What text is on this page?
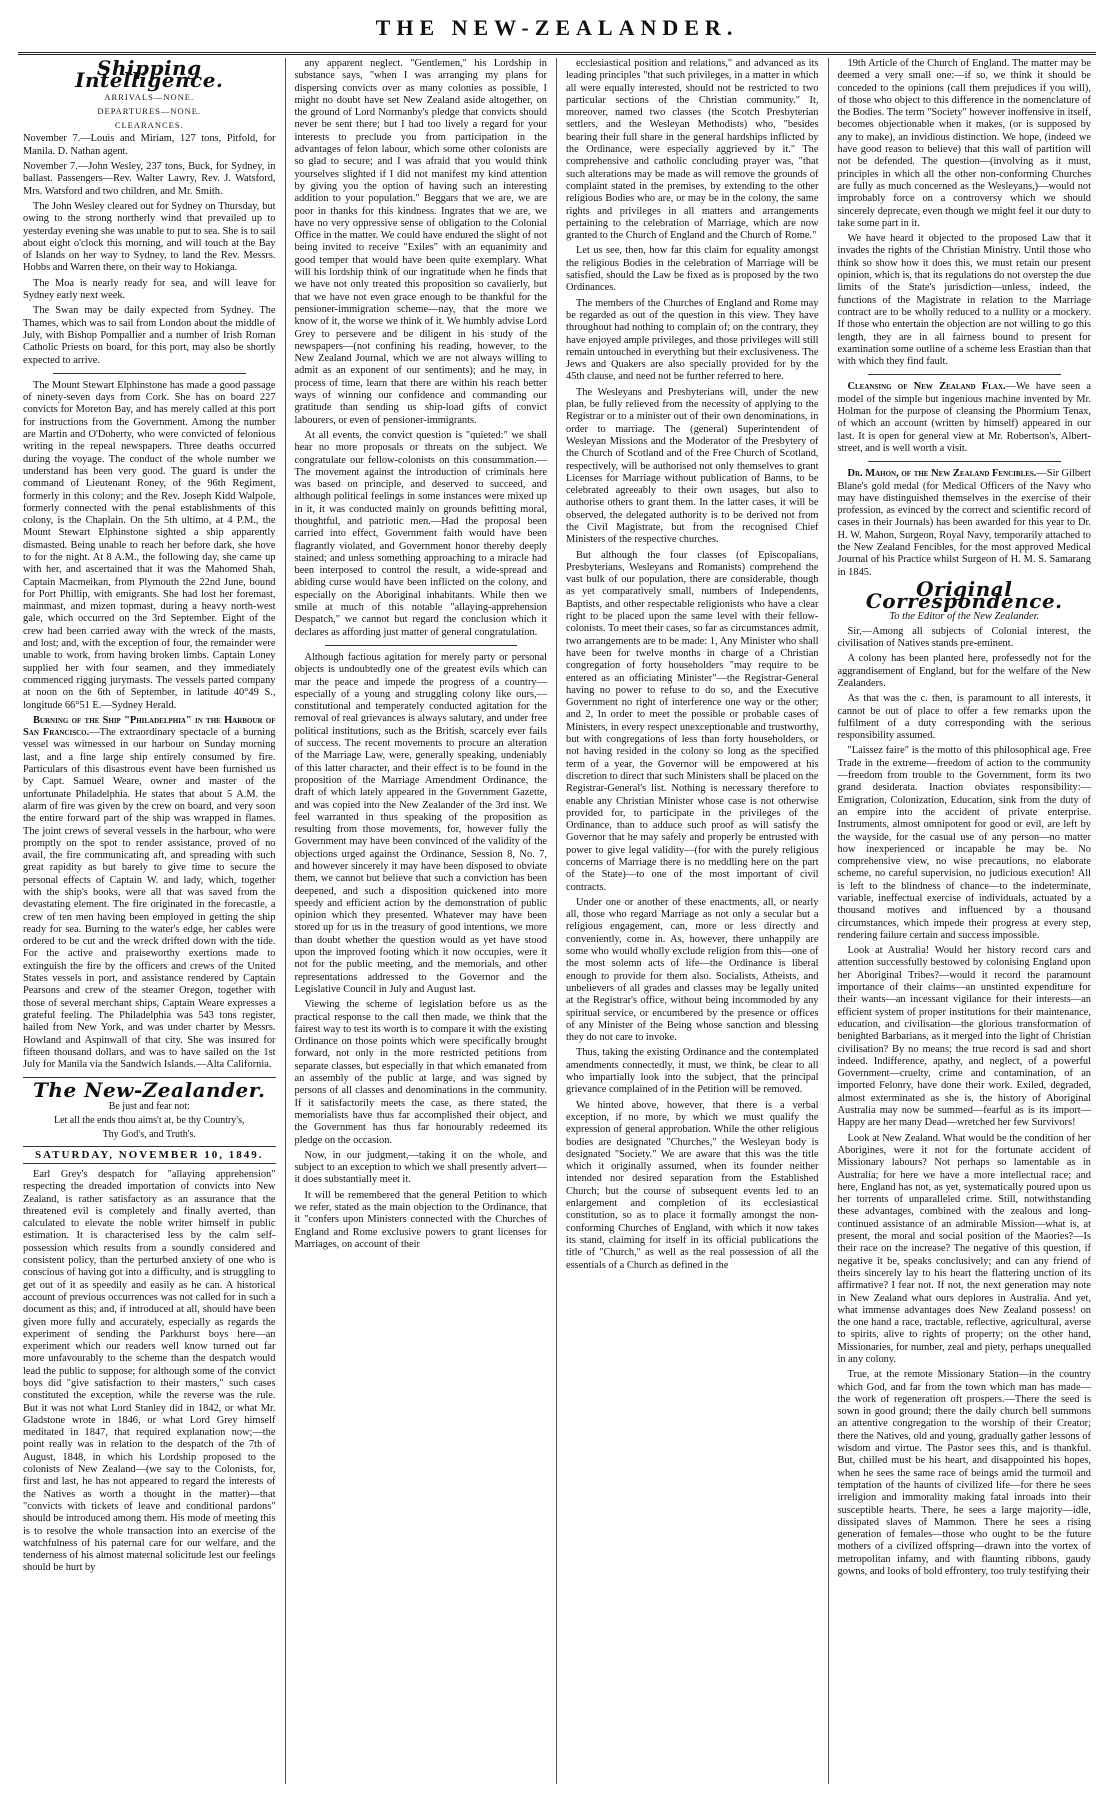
THE NEW-ZEALANDER.
Shipping Intelligence.
ARRIVALS—NONE.
DEPARTURES—NONE.
CLEARANCES.
November 7.—Louis and Miriam, 127 tons, Pitfold, for Manila. D. Nathan agent.
November 7.—John Wesley, 237 tons, Buck, for Sydney, in ballast. Passengers—Rev. Walter Lawry, Rev. J. Watsford, Mrs. Watsford and two children, and Mr. Smith.

The John Wesley cleared out for Sydney on Thursday, but owing to the strong northerly wind that prevailed up to yesterday evening she was unable to put to sea. She is to sail about eight o'clock this morning, and will touch at the Bay of Islands on her way to Sydney, to land the Rev. Messrs. Hobbs and Warren there, on their way to Hokianga.

The Moa is nearly ready for sea, and will leave for Sydney early next week.

The Swan may be daily expected from Sydney. The Thames, which was to sail from London about the middle of July, with Bishop Pompallier and a number of Irish Roman Catholic Priests on board, for this port, may also be shortly expected to arrive.

The Mount Stewart Elphinstone has made a good passage of ninety-seven days from Cork. She has on board 227 convicts for Moreton Bay, and has merely called at this port for instructions from the Government. Among the number are Martin and O'Doherty, who were convicted of felonious writing in the repeal newspapers. Three deaths occurred during the voyage. The conduct of the whole number we understand has been very good. The guard is under the command of Lieutenant Roney, of the 96th Regiment, formerly in this colony; and the Rev. Joseph Kidd Walpole, formerly connected with the penal establishments of this colony, is the Chaplain. On the 5th ultimo, at 4 P.M., the Mount Stewart Elphinstone sighted a ship apparently dismasted. Being unable to reach her before dark, she hove to for the night. At 8 A.M., the following day, she came up with her, and ascertained that it was the Mahomed Shah, Captain Macmeikan, from Plymouth the 22nd June, bound for Port Phillip, with emigrants. She had lost her foremast, mainmast, and mizen topmast, during a heavy north-west gale, which occurred on the 3rd September. Eight of the crew had been carried away with the wreck of the masts, and lost; and, with the exception of four, the remainder were unable to work, from having broken limbs. Captain Loney supplied her with four seamen, and they immediately commenced rigging jurymasts. The vessels parted company at noon on the 6th of September, in latitude 40°49 S., longitude 66°51 E.—Sydney Herald.

Burning of the Ship "Philadelphia" in the Harbour of San Francisco.—The extraordinary spectacle of a burning vessel was witnessed in our harbour on Sunday morning last, and a fine large ship entirely consumed by fire. Particulars of this disastrous event have been furnished us by Capt. Samuel Weare, owner and master of the unfortunate Philadelphia. He states that about 5 A.M. the alarm of fire was given by the crew on board, and very soon the entire forward part of the ship was wrapped in flames. The joint crews of several vessels in the harbour, who were promptly on the spot to render assistance, proved of no avail, the fire communicating aft, and spreading with such great rapidity as but barely to give time to secure the personal effects of Captain W. and lady, which, together with the ship's books, were all that was saved from the devastating element. The fire originated in the forecastle, a crew of ten men having been employed in getting the ship ready for sea. Burning to the water's edge, her cables were ordered to be cut and the wreck drifted down with the tide. For the active and praiseworthy exertions made to extinguish the fire by the officers and crews of the United States vessels in port, and assistance rendered by Captain Pearsons and crew of the steamer Oregon, together with those of several merchant ships, Captain Weare expresses a grateful feeling. The Philadelphia was 543 tons register, hailed from New York, and was under charter by Messrs. Howland and Aspinwall of that city. She was insured for fifteen thousand dollars, and was to have sailed on the 1st July for Manila via the Sandwich Islands.—Alta California.

The New-Zealander.
Be just and fear not:
Let all the ends thou aims't at, be thy Country's,
Thy God's, and Truth's.
SATURDAY, NOVEMBER 10, 1849.

Earl Grey's despatch for "allaying apprehension" respecting the dreaded importation of convicts into New Zealand, is rather satisfactory as an assurance that the threatened evil is completely and finally averted, than calculated to elevate the noble writer himself in public estimation. It is characterised less by the calm self-possession which results from a soundly considered and consistent policy, than the perturbed anxiety of one who is conscious of having got into a difficulty, and is struggling to get out of it as speedily and easily as he can. A historical account of previous occurrences was not called for in such a document as this; and, if introduced at all, should have been given more fully and accurately, especially as regards the experiment of sending the Parkhurst boys here—an experiment which our readers well know turned out far more unfavourably to the scheme than the despatch would lead the public to suppose; for although some of the convict boys did "give satisfaction to their masters," such cases constituted the exception, while the reverse was the rule. But it was not what Lord Stanley did in 1842, or what Mr. Gladstone wrote in 1846, or what Lord Grey himself meditated in 1847, that required explanation now;—the point really was in relation to the despatch of the 7th of August, 1848, in which his Lordship proposed to the colonists of New Zealand—(we say to the Colonists, for, first and last, he has not appeared to regard the interests of the Natives as worth a thought in the matter)—that "convicts with tickets of leave and conditional pardons" should be introduced among them. His mode of meeting this is to resolve the whole transaction into an exercise of the watchfulness of his paternal care for our welfare, and the tenderness of his almost maternal solicitude lest our feelings should be hurt by

any apparent neglect. "Gentlemen," his Lordship in substance says, "when I was arranging my plans for dispersing convicts over as many colonies as possible, I might no doubt have set New Zealand aside altogether, on the ground of Lord Normanby's pledge that convicts should never be sent there; but I had too lively a regard for your interests to preclude you from participation in the advantages of felon labour, which some other colonists are so glad to secure; and I was afraid that you would think yourselves slighted if I did not manifest my kind attention by giving you the option of having such an interesting addition to your population." Beggars that we are, we are poor in thanks for this kindness. Ingrates that we are, we have no very oppressive sense of obligation to the Colonial Office in the matter. We could have endured the slight of not being invited to receive "Exiles" with an equanimity and good temper that would have been quite exemplary. What will his lordship think of our ingratitude when he finds that we have not only treated this proposition so cavalierly, but that we have not even grace enough to be thankful for the pensioner-immigration scheme—nay, that the more we know of it, the worse we think of it. We humbly advise Lord Grey to persevere and be diligent in his study of the newspapers—(not confining his reading, however, to the New Zealand Journal, which we are not always willing to admit as an exponent of our sentiments); and he may, in process of time, learn that there are within his reach better ways of winning our confidence and commanding our gratitude than sending us ship-load gifts of convict labourers, or even of pensioner-immigrants.

At all events, the convict question is "quieted:" we shall hear no more proposals or threats on the subject. We congratulate our fellow-colonists on this consummation.—The movement against the introduction of criminals here was based on principle, and deserved to succeed, and although political feelings in some instances were mixed up in it, it was conducted mainly on grounds befitting moral, thoughtful, and patriotic men.—Had the proposal been carried into effect, Government faith would have been flagrantly violated, and Government honor thereby deeply stained; and unless something approaching to a miracle had been interposed to control the result, a wide-spread and abiding curse would have been inflicted on the colony, and especially on the Aboriginal inhabitants. While then we smile at much of this notable "allaying-apprehension Despatch," we cannot but regard the conclusion which it declares as affording just matter of general congratulation.

Although factious agitation for merely party or personal objects is undoubtedly one of the greatest evils which can mar the peace and impede the progress of a country—especially of a young and struggling colony like ours,—constitutional and temperately conducted agitation for the removal of real grievances is always salutary, and under free political institutions, such as the British, scarcely ever fails of success. The recent movements to procure an alteration of the Marriage Law, were, generally speaking, undeniably of this latter character, and their effect is to be found in the proposition of the Marriage Amendment Ordinance, the draft of which lately appeared in the Government Gazette, and was copied into the New Zealander of the 3rd inst. We feel warranted in thus speaking of the proposition as resulting from those movements, for, however fully the Government may have been convinced of the validity of the objections urged against the Ordinance, Session 8, No. 7, and however sincerely it may have been disposed to obviate them, we cannot but believe that such a conviction has been deepened, and such a disposition quickened into more speedy and efficient action by the demonstration of public opinion which they presented. Whatever may have been stored up for us in the treasury of good intentions, we more than doubt whether the question would as yet have stood upon the improved footing which it now occupies, were it not for the public meeting, and the memorials, and other representations addressed to the Governor and the Legislative Council in July and August last.

Viewing the scheme of legislation before us as the practical response to the call then made, we think that the fairest way to test its worth is to compare it with the existing Ordinance on those points which were specifically brought forward, not only in the more restricted petitions from separate classes, but especially in that which emanated from an assembly of the public at large, and was signed by persons of all classes and denominations in the community. If it satisfactorily meets the case, as there stated, the memorialists have thus far accomplished their object, and the Government has thus far honourably redeemed its pledge on the occasion.

Now, in our judgment,—taking it on the whole, and subject to an exception to which we shall presently advert—it does substantially meet it.

It will be remembered that the general Petition to which we refer, stated as the main objection to the Ordinance, that it "confers upon Ministers connected with the Churches of England and Rome exclusive powers to grant licenses for Marriages, on account of their

ecclesiastical position and relations," and advanced as its leading principles "that such privileges, in a matter in which all were equally interested, should not be restricted to two particular sections of the Christian community." It, moreover, named two classes (the Scotch Presbyterian settlers, and the Wesleyan Methodists) who, "besides bearing their full share in the general hardships inflicted by the Ordinance, were especially aggrieved by it." The comprehensive and catholic concluding prayer was, "that such alterations may be made as will remove the grounds of complaint stated in the premises, by extending to the other religious Bodies who are, or may be in the colony, the same rights and privileges in all matters and arrangements pertaining to the celebration of Marriage, which are now granted to the Church of England and the Church of Rome."

Let us see, then, how far this claim for equality amongst the religious Bodies in the celebration of Marriage will be satisfied, should the Law be fixed as is proposed by the two Ordinances.

The members of the Churches of England and Rome may be regarded as out of the question in this view. They have throughout had nothing to complain of; on the contrary, they have enjoyed ample privileges, and those privileges will still remain untouched in everything but their exclusiveness. The Jews and Quakers are also specially provided for by the 45th clause, and need not be further referred to here.

The Wesleyans and Presbyterians will, under the new plan, be fully relieved from the necessity of applying to the Registrar or to a minister out of their own denominations, in order to marriage. The (general) Superintendent of Wesleyan Missions and the Moderator of the Presbytery of the Church of Scotland and of the Free Church of Scotland, respectively, will be authorised not only themselves to grant Licenses for Marriage without publication of Banns, to be celebrated agreeably to their own usages, but also to authorise others to grant them. In the latter cases, it will be observed, the delegated authority is to be derived not from the Civil Magistrate, but from the recognised Chief Ministers of the respective churches.

But although the four classes (of Episcopalians, Presbyterians, Wesleyans and Romanists) comprehend the vast bulk of our population, there are considerable, though as yet comparatively small, numbers of Independents, Baptists, and other respectable religionists who have a clear right to be placed upon the same level with their fellow-colonists. To meet their cases, so far as circumstances admit, two arrangements are to be made: 1, Any Minister who shall have been for twelve months in charge of a Christian congregation of forty householders "may require to be entered as an officiating Minister"—the Registrar-General having no power to refuse to do so, and the Executive Government no right of interference one way or the other; and 2, In order to meet the possible or probable cases of Ministers, in every respect unexceptionable and trustworthy, but with congregations of less than forty householders, or not having resided in the colony so long as the specified term of a year, the Governor will be empowered at his discretion to direct that such Ministers shall be placed on the Registrar-General's list. Nothing is necessary therefore to enable any Christian Minister whose case is not otherwise provided for, to participate in the privileges of the Ordinance, than to adduce such proof as will satisfy the Governor that he may safely and properly be entrusted with power to give legal validity—(for with the purely religious concerns of Marriage there is no meddling here on the part of the State)—to one of the most important of civil contracts.

Under one or another of these enactments, all, or nearly all, those who regard Marriage as not only a secular but a religious engagement, can, more or less directly and conveniently, come in. As, however, there unhappily are some who would wholly exclude religion from this—one of the most solemn acts of life—the Ordinance is liberal enough to provide for them also. Socialists, Atheists, and unbelievers of all grades and classes may be legally united at the Registrar's office, without being incommoded by any spiritual service, or encumbered by the presence or offices of any Minister of the Being whose sanction and blessing they do not care to invoke.

Thus, taking the existing Ordinance and the contemplated amendments connectedly, it must, we think, be clear to all who impartially look into the subject, that the principal grievance complained of in the Petition will be removed.

We hinted above, however, that there is a verbal exception, if no more, by which we must qualify the expression of general approbation. While the other religious bodies are designated "Churches," the Wesleyan body is designated "Society." We are aware that this was the title which it originally assumed, when its founder neither intended nor desired separation from the Established Church; but the course of subsequent events led to an enlargement and completion of its ecclesiastical constitution, so as to place it formally amongst the non-conforming Churches of England, with which it now takes its stand, claiming for itself in its official publications the title of "Church," as well as the real possession of all the essentials of a Church as defined in the

19th Article of the Church of England. The matter may be deemed a very small one:—if so, we think it should be conceded to the opinions (call them prejudices if you will), of those who object to this difference in the nomenclature of the Bodies. The term "Society" however inoffensive in itself, becomes objectionable when it makes, (or is supposed by any to make), an invidious distinction. We hope, (indeed we have good reason to believe) that this wall of partition will not be defended. The question—(involving as it must, principles in which all the other non-conforming Churches are fully as much concerned as the Wesleyans,)—would not improbably force on a controversy which we should sincerely deprecate, even though we might feel it our duty to take some part in it.

We have heard it objected to the proposed Law that it invades the rights of the Christian Ministry. Until those who think so show how it does this, we must retain our present opinion, which is, that its regulations do not overstep the due limits of the State's jurisdiction—unless, indeed, the functions of the Magistrate in relation to the Marriage contract are to be wholly reduced to a nullity or a mockery. If those who entertain the objection are not willing to go this length, they are in all fairness bound to present for examination some outline of a scheme less Erastian than that with which they find fault.

Cleansing of New Zealand Flax.—We have seen a model of the simple but ingenious machine invented by Mr. Holman for the purpose of cleansing the Phormium Tenax, of which an account (written by himself) appeared in our last. It is open for general view at Mr. Robertson's, Albert-street, and is well worth a visit.

Dr. Mahon, of the New Zealand Fencibles.—Sir Gilbert Blane's gold medal (for Medical Officers of the Navy who may have distinguished themselves in the exercise of their profession, as evinced by the correct and scientific record of cases in their Journals) has been awarded for this year to Dr. H. W. Mahon, Surgeon, Royal Navy, temporarily attached to the New Zealand Fencibles, for the most approved Medical Journal of his Practice whilst Surgeon of H. M. S. Samarang in 1845.

Original Correspondence.
To the Editor of the New Zealander.

Sir,—Among all subjects of Colonial interest, the civilisation of Natives stands pre-eminent.

A colony has been planted here, professedly not for the aggrandisement of England, but for the welfare of the New Zealanders.

As that was the c. then, is paramount to all interests, it cannot be out of place to offer a few remarks upon the fulfilment of a duty corresponding with the serious responsibility assumed.

"Laissez faire" is the motto of this philosophical age. Free Trade in the extreme—freedom of action to the community—freedom from trouble to the Government, form its two grand desiderata. Inaction obviates responsibility:—Emigration, Colonization, Education, sink from the duty of an empire into the accident of private enterprise. Instruments, almost omnipotent for good or evil, are left by the wayside, for the casual use of any person—no matter how inexperienced or incapable he may be. No comprehensive view, no wise precautions, no elaborate scheme, no careful supervision, no judicious execution! All is left to the blindness of chance—to the indeterminate, variable, ineffectual exercise of individuals, actuated by a thousand motives and influenced by a thousand circumstances, which impede their progress at every step, rendering failure certain and success impossible.

Look at Australia! Would her history record cars and attention successfully bestowed by colonising England upon her Aboriginal Tribes?—would it record the paramount importance of their claims—an unstinted expenditure for their wants—an incessant vigilance for their interests—an efficient system of proper institutions for their maintenance, education, and civilisation—the glorious transformation of benighted Barbarians, as it merged into the light of Christian civilisation? By no means; the true record is sad and short indeed. Indifference, apathy, and neglect, of a powerful Government—cruelty, crime and contamination, of an imported Felonry, have done their work. Exiled, degraded, almost exterminated as she is, the history of Aboriginal Australia may now be summed—fearful as is its import—Happy are her many Dead—wretched her few Survivors!

Look at New Zealand. What would be the condition of her Aborigines, were it not for the fortunate accident of Missionary labours? Not perhaps so lamentable as in Australia; for here we have a more intellectual race; and here, England has not, as yet, systematically poured upon us her torrents of unparalleled crime. Still, notwithstanding these advantages, combined with the zealous and long-continued assistance of an admirable Mission—what is, at present, the moral and social position of the Maories?—Is their race on the increase? The negative of this question, if negative it be, speaks conclusively; and can any friend of theirs sincerely lay to his heart the flattering unction of its affirmative? I fear not. If not, the next generation may note in New Zealand what ours deplores in Australia. And yet, what immense advantages does New Zealand possess! on the one hand a race, tractable, reflective, agricultural, averse to spirits, alive to rights of property; on the other hand, Missionaries, for number, zeal and piety, perhaps unequalled in any colony.

True, at the remote Missionary Station—in the country which God, and far from the town which man has made—the work of regeneration oft prospers.—There the seed is sown in good ground; there the daily church bell summons an attentive congregation to the worship of their Creator; there the Natives, old and young, gradually gather lessons of wisdom and virtue. The Pastor sees this, and is thankful. But, chilled must be his heart, and disappointed his hopes, when he sees the same race of beings amid the turmoil and temptation of the haunts of civilized life—for there he sees irreligion and immorality making fatal inroads into their susceptible hearts. There, he sees a large majority—idle, dissipated slaves of Mammon. There he sees a rising generation of females—those who ought to be the future mothers of a civilized offspring—drawn into the vortex of metropolitan infamy, and with flaunting ribbons, gaudy gowns, and looks of bold effrontery, too truly testifying their
